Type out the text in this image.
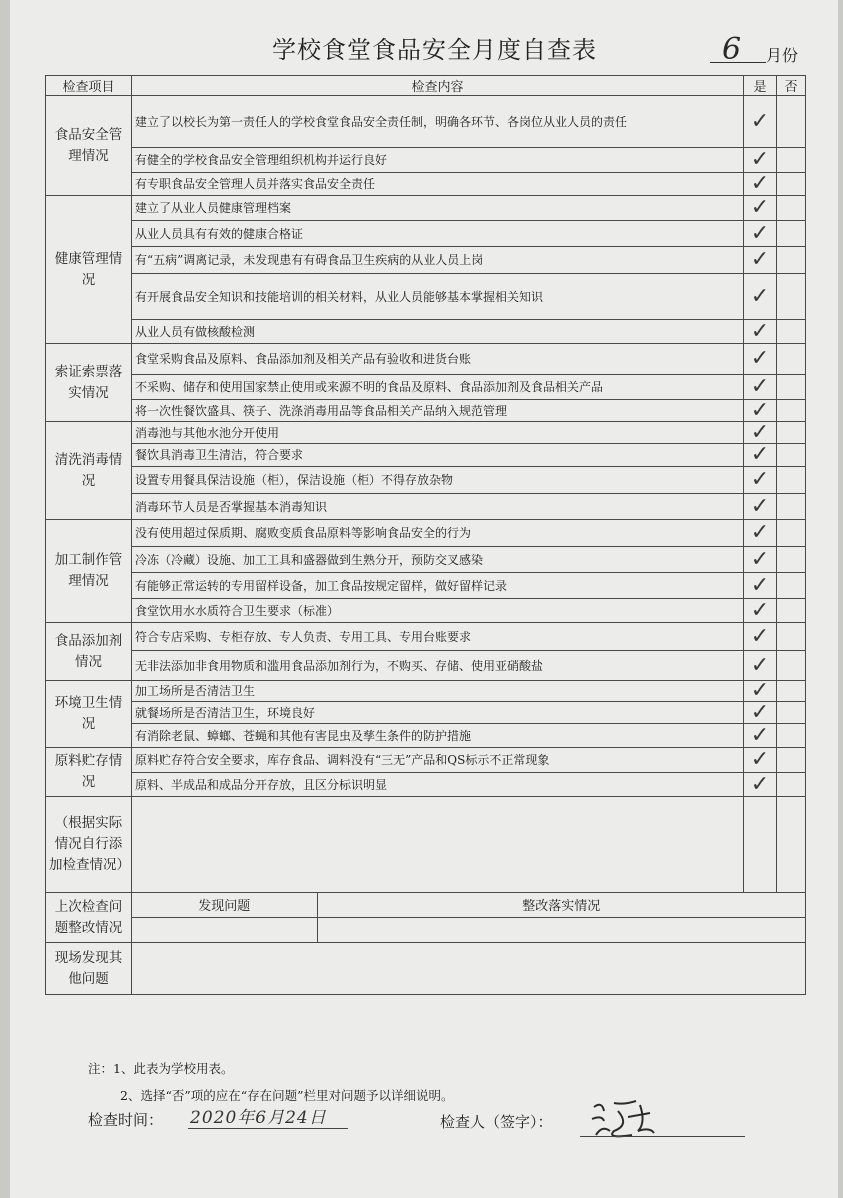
学校食堂食品安全月度自查表	6 月份
检查项目	检查内容	是	否
食品安全管理情况	建立了以校长为第一责任人的学校食堂食品安全责任制，明确各环节、各岗位从业人员的责任	✓	
有健全的学校食品安全管理组织机构并运行良好	✓	
有专职食品安全管理人员并落实食品安全责任	✓	
健康管理情况	建立了从业人员健康管理档案	✓	
从业人员具有有效的健康合格证	✓	
有“五病”调离记录，未发现患有有碍食品卫生疾病的从业人员上岗	✓	
有开展食品安全知识和技能培训的相关材料，从业人员能够基本掌握相关知识	✓	
从业人员有做核酸检测	✓	
索证索票落实情况	食堂采购食品及原料、食品添加剂及相关产品有验收和进货台账	✓	
不采购、储存和使用国家禁止使用或来源不明的食品及原料、食品添加剂及食品相关产品	✓	
将一次性餐饮盛具、筷子、洗涤消毒用品等食品相关产品纳入规范管理	✓	
清洗消毒情况	消毒池与其他水池分开使用	✓	
餐饮具消毒卫生清洁，符合要求	✓	
设置专用餐具保洁设施（柜），保洁设施（柜）不得存放杂物	✓	
消毒环节人员是否掌握基本消毒知识	✓	
加工制作管理情况	没有使用超过保质期、腐败变质食品原料等影响食品安全的行为	✓	
冷冻（冷藏）设施、加工工具和盛器做到生熟分开，预防交叉感染	✓	
有能够正常运转的专用留样设备，加工食品按规定留样，做好留样记录	✓	
食堂饮用水水质符合卫生要求（标准）	✓	
食品添加剂情况	符合专店采购、专柜存放、专人负责、专用工具、专用台账要求	✓	
无非法添加非食用物质和滥用食品添加剂行为，不购买、存储、使用亚硝酸盐	✓	
环境卫生情况	加工场所是否清洁卫生	✓	
就餐场所是否清洁卫生，环境良好	✓	
有消除老鼠、蟑螂、苍蝇和其他有害昆虫及孳生条件的防护措施	✓	
原料贮存情况	原料贮存符合安全要求，库存食品、调料没有“三无”产品和QS标示不正常现象	✓	
原料、半成品和成品分开存放，且区分标识明显	✓	
（根据实际情况自行添加检查情况）			
上次检查问题整改情况	
发现问题	整改落实情况

现场发现其他问题	
注：1、此表为学校用表。
2、选择“否”项的应在“存在问题”栏里对问题予以详细说明。
检查时间： 2020年6月24日	检查人（签字）：
